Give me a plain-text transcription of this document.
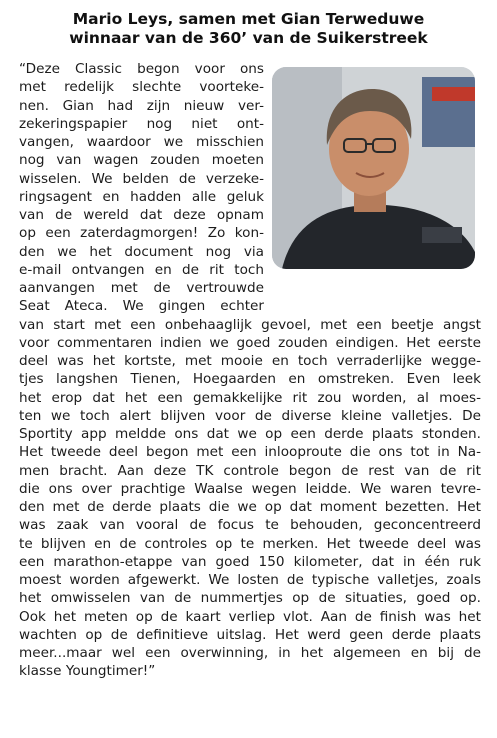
Mario Leys, samen met Gian Terweduwe
winnaar van de 360’ van de Suikerstreek
“Deze Classic begon voor ons
met redelijk slechte voorteke-
nen. Gian had zijn nieuw ver-
zekeringspapier nog niet ont-
vangen, waardoor we misschien
nog van wagen zouden moeten
wisselen. We belden de verzeke-
ringsagent en hadden alle geluk
van de wereld dat deze opnam
op een zaterdagmorgen! Zo kon-
den we het document nog via
e-mail ontvangen en de rit toch
aanvangen met de vertrouwde
Seat Ateca. We gingen echter
van start met een onbehaaglijk gevoel, met een beetje angst
voor commentaren indien we goed zouden eindigen. Het eerste
deel was het kortste, met mooie en toch verraderlijke wegge-
tjes langshen Tienen, Hoegaarden en omstreken. Even leek
het erop dat het een gemakkelijke rit zou worden, al moes-
ten we toch alert blijven voor de diverse kleine valletjes. De
Sportity app meldde ons dat we op een derde plaats stonden.
Het tweede deel begon met een inlooproute die ons tot in Na-
men bracht. Aan deze TK controle begon de rest van de rit
die ons over prachtige Waalse wegen leidde. We waren tevre-
den met de derde plaats die we op dat moment bezetten. Het
was zaak van vooral de focus te behouden, geconcentreerd
te blijven en de controles op te merken. Het tweede deel was
een marathon-etappe van goed 150 kilometer, dat in één ruk
moest worden afgewerkt. We losten de typische valletjes, zoals
het omwisselen van de nummertjes op de situaties, goed op.
Ook het meten op de kaart verliep vlot. Aan de finish was het
wachten op de definitieve uitslag. Het werd geen derde plaats
meer...maar wel een overwinning, in het algemeen en bij de
klasse Youngtimer!”
